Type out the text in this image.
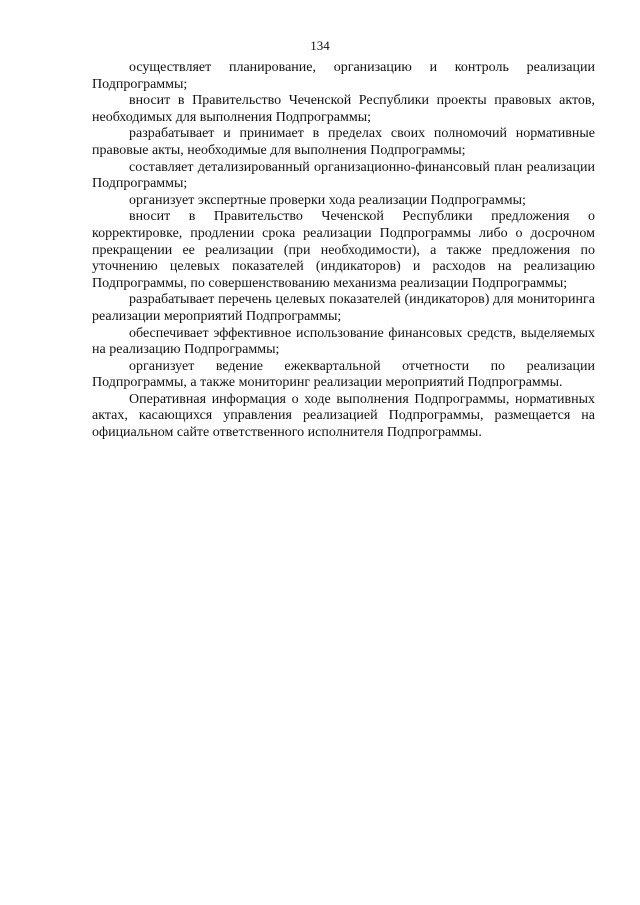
134

осуществляет планирование, организацию и контроль реализации Подпрограммы;

вносит в Правительство Чеченской Республики проекты правовых актов, необходимых для выполнения Подпрограммы;

разрабатывает и принимает в пределах своих полномочий нормативные правовые акты, необходимые для выполнения Подпрограммы;

составляет детализированный организационно-финансовый план реализации Подпрограммы;

организует экспертные проверки хода реализации Подпрограммы;

вносит в Правительство Чеченской Республики предложения о корректировке, продлении срока реализации Подпрограммы либо о досрочном прекращении ее реализации (при необходимости), а также предложения по уточнению целевых показателей (индикаторов) и расходов на реализацию Подпрограммы, по совершенствованию механизма реализации Подпрограммы;

разрабатывает перечень целевых показателей (индикаторов) для мониторинга реализации мероприятий Подпрограммы;

обеспечивает эффективное использование финансовых средств, выделяемых на реализацию Подпрограммы;

организует ведение ежеквартальной отчетности по реализации Подпрограммы, а также мониторинг реализации мероприятий Подпрограммы.

Оперативная информация о ходе выполнения Подпрограммы, нормативных актах, касающихся управления реализацией Подпрограммы, размещается на официальном сайте ответственного исполнителя Подпрограммы.
